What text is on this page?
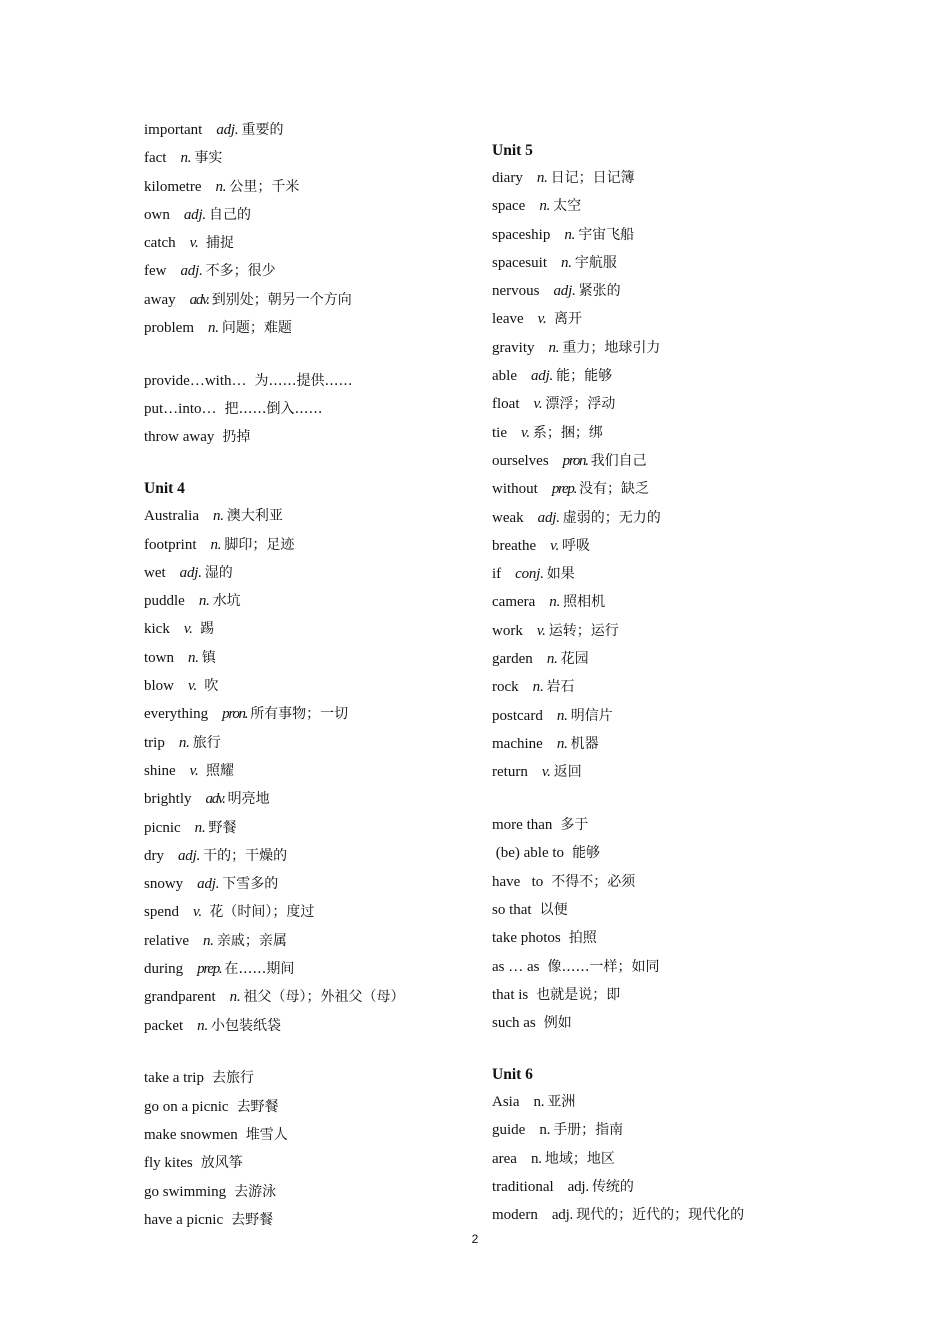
important adj. 重要的
fact n. 事实
kilometre n. 公里；千米
own adj. 自己的
catch v. 捕捉
few adj. 不多；很少
away adv. 到别处；朝另一个方向
problem n. 问题；难题
provide…with… 为……提供……
put…into… 把……倒入……
throw away 扔掉
Unit 4
Australia n. 澳大利亚
footprint n. 脚印；足迹
wet adj. 湿的
puddle n. 水坑
kick v. 踢
town n. 镇
blow v. 吹
everything pron. 所有事物；一切
trip n. 旅行
shine v. 照耀
brightly adv. 明亮地
picnic n. 野餐
dry adj. 干的；干燥的
snowy adj. 下雪多的
spend v. 花（时间）；度过
relative n. 亲戚；亲属
during prep. 在……期间
grandparent n. 祖父（母）；外祖父（母）
packet n. 小包装纸袋
take a trip 去旅行
go on a picnic 去野餐
make snowmen 堆雪人
fly kites 放风筝
go swimming 去游泳
have a picnic 去野餐
Unit 5
diary n. 日记；日记簿
space n. 太空
spaceship n. 宇宙飞船
spacesuit n. 宇航服
nervous adj. 紧张的
leave v. 离开
gravity n. 重力；地球引力
able adj. 能；能够
float v. 漂浮；浮动
tie v. 系；捆；绑
ourselves pron. 我们自己
without prep. 没有；缺乏
weak adj. 虚弱的；无力的
breathe v. 呼吸
if conj. 如果
camera n. 照相机
work v. 运转；运行
garden n. 花园
rock n. 岩石
postcard n. 明信片
machine n. 机器
return v. 返回
more than 多于
(be) able to 能够
have   to 不得不；必须
so that 以便
take photos 拍照
as … as 像……一样；如同
that is 也就是说；即
such as 例如
Unit 6
Asia n. 亚洲
guide n. 手册；指南
area n. 地域；地区
traditional adj. 传统的
modern adj. 现代的；近代的；现代化的
2
